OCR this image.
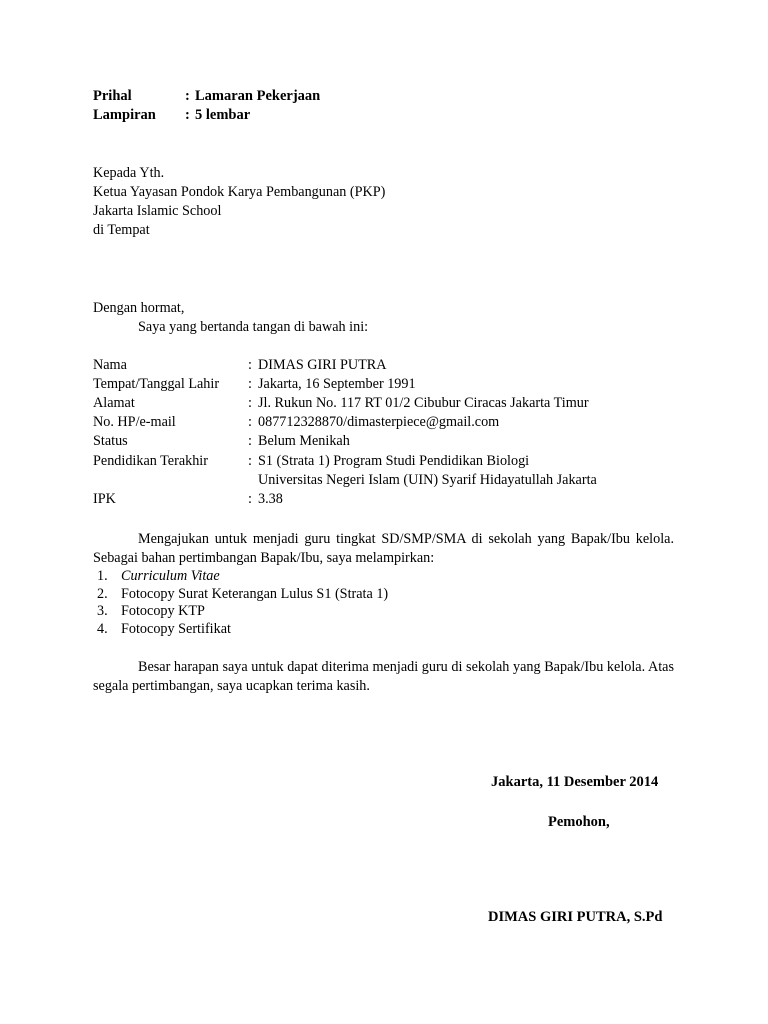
Prihal	: Lamaran Pekerjaan
Lampiran : 5 lembar
Kepada Yth.
Ketua Yayasan Pondok Karya Pembangunan (PKP)
Jakarta Islamic School
di Tempat
Dengan hormat,
Saya yang bertanda tangan di bawah ini:
Nama	: DIMAS GIRI PUTRA
Tempat/Tanggal Lahir : Jakarta, 16 September 1991
Alamat	: Jl. Rukun No. 117 RT 01/2 Cibubur Ciracas Jakarta Timur
No. HP/e-mail	: 087712328870/dimasterpiece@gmail.com
Status	: Belum Menikah
Pendidikan Terakhir	: S1 (Strata 1) Program Studi Pendidikan Biologi
Universitas Negeri Islam (UIN) Syarif Hidayatullah Jakarta
IPK	: 3.38
Mengajukan untuk menjadi guru tingkat SD/SMP/SMA di sekolah yang Bapak/Ibu kelola. Sebagai bahan pertimbangan Bapak/Ibu, saya melampirkan:
1. Curriculum Vitae
2. Fotocopy Surat Keterangan Lulus S1 (Strata 1)
3. Fotocopy KTP
4. Fotocopy Sertifikat
Besar harapan saya untuk dapat diterima menjadi guru di sekolah yang Bapak/Ibu kelola. Atas segala pertimbangan, saya ucapkan terima kasih.
Jakarta, 11 Desember 2014
Pemohon,
DIMAS GIRI PUTRA, S.Pd
